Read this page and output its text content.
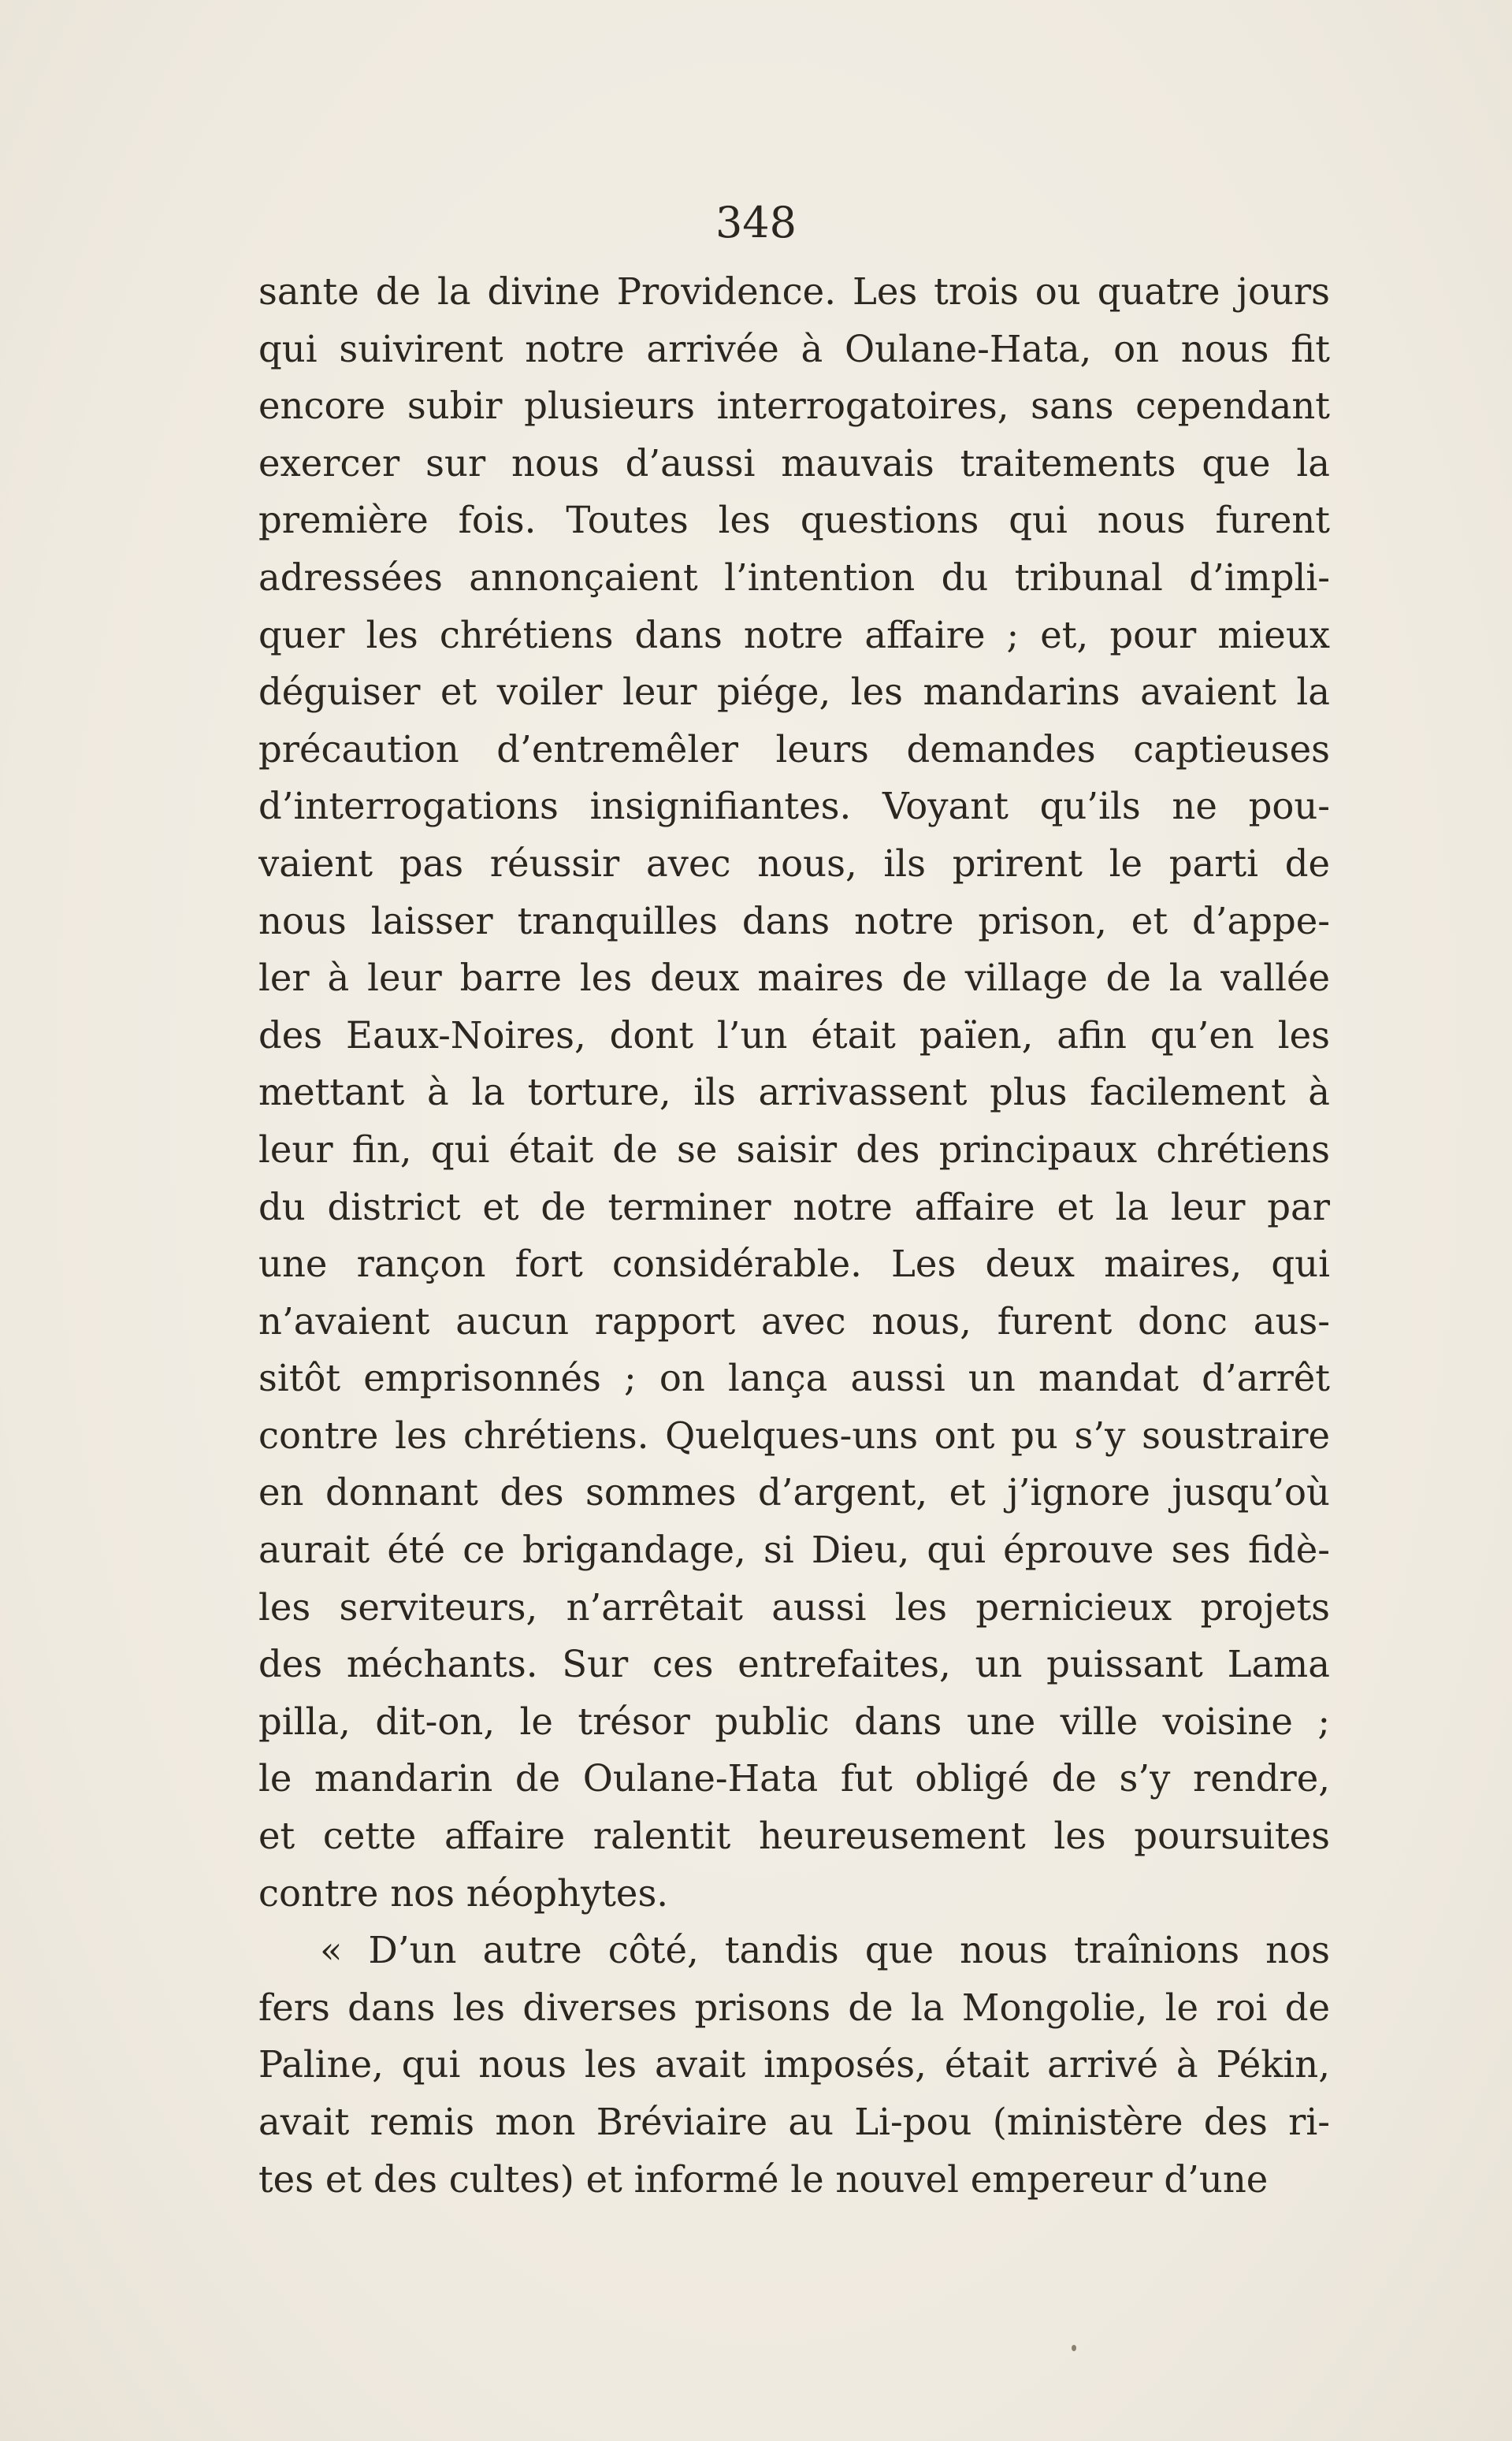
348
sante de la divine Providence. Les trois ou quatre jours
qui suivirent notre arrivée à Oulane-Hata, on nous fit
encore subir plusieurs interrogatoires, sans cependant
exercer sur nous d’aussi mauvais traitements que la
première fois. Toutes les questions qui nous furent
adressées annonçaient l’intention du tribunal d’impli-
quer les chrétiens dans notre affaire ; et, pour mieux
déguiser et voiler leur piége, les mandarins avaient la
précaution d’entremêler leurs demandes captieuses
d’interrogations insignifiantes. Voyant qu’ils ne pou-
vaient pas réussir avec nous, ils prirent le parti de
nous laisser tranquilles dans notre prison, et d’appe-
ler à leur barre les deux maires de village de la vallée
des Eaux-Noires, dont l’un était païen, afin qu’en les
mettant à la torture, ils arrivassent plus facilement à
leur fin, qui était de se saisir des principaux chrétiens
du district et de terminer notre affaire et la leur par
une rançon fort considérable. Les deux maires, qui
n’avaient aucun rapport avec nous, furent donc aus-
sitôt emprisonnés ; on lança aussi un mandat d’arrêt
contre les chrétiens. Quelques-uns ont pu s’y soustraire
en donnant des sommes d’argent, et j’ignore jusqu’où
aurait été ce brigandage, si Dieu, qui éprouve ses fidè-
les serviteurs, n’arrêtait aussi les pernicieux projets
des méchants. Sur ces entrefaites, un puissant Lama
pilla, dit-on, le trésor public dans une ville voisine ;
le mandarin de Oulane-Hata fut obligé de s’y rendre,
et cette affaire ralentit heureusement les poursuites
contre nos néophytes.
« D’un autre côté, tandis que nous traînions nos
fers dans les diverses prisons de la Mongolie, le roi de
Paline, qui nous les avait imposés, était arrivé à Pékin,
avait remis mon Bréviaire au Li-pou (ministère des ri-
tes et des cultes) et informé le nouvel empereur d’une
